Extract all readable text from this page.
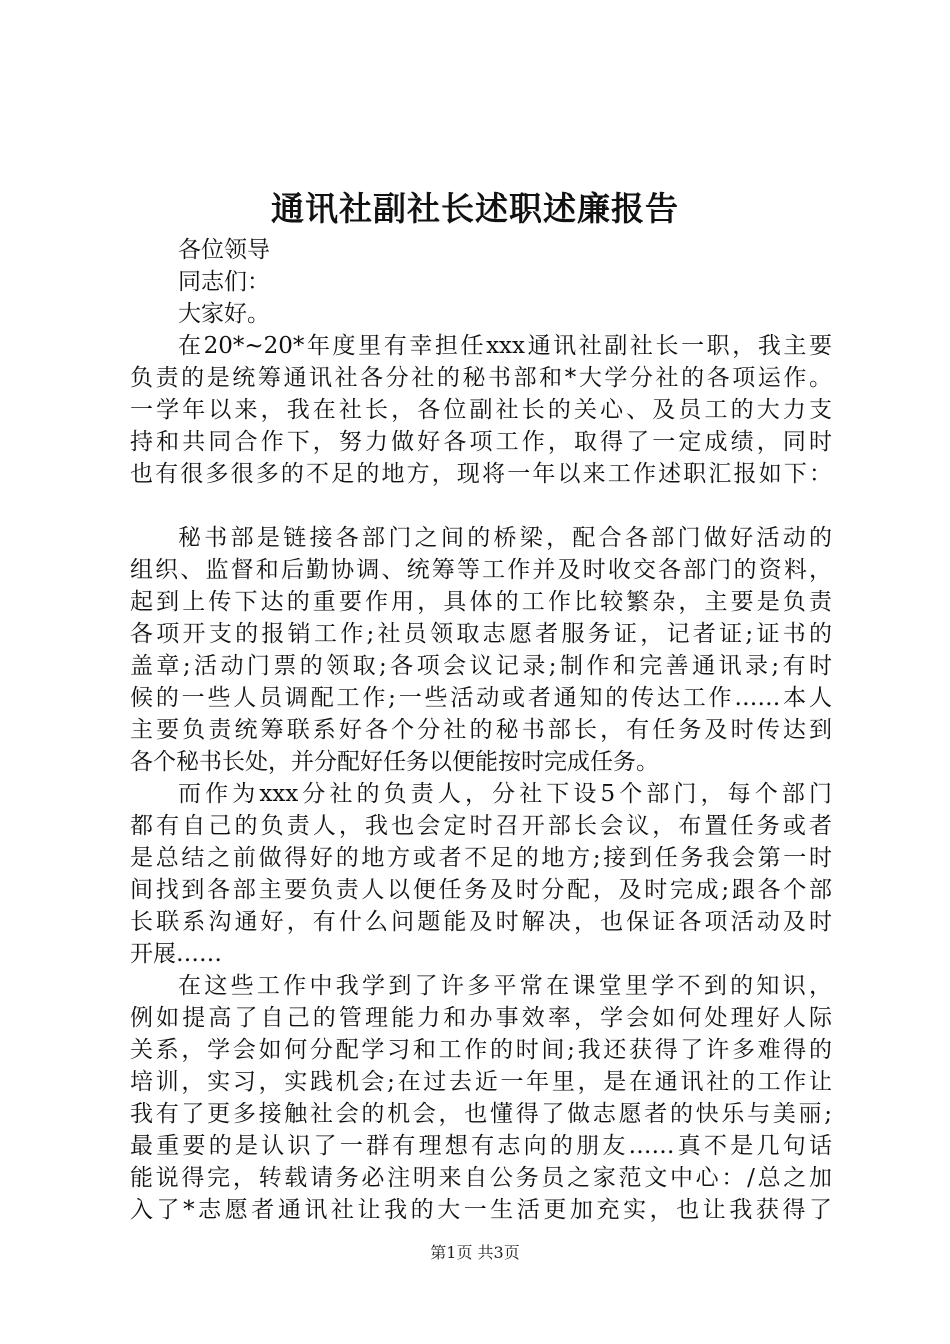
通讯社副社长述职述廉报告
各位领导
同志们：
大家好。
在20*~20*年度里有幸担任xxx通讯社副社长一职，我主要
负责的是统筹通讯社各分社的秘书部和*大学分社的各项运作。
一学年以来，我在社长，各位副社长的关心、及员工的大力支
持和共同合作下，努力做好各项工作，取得了一定成绩，同时
也有很多很多的不足的地方，现将一年以来工作述职汇报如下：
秘书部是链接各部门之间的桥梁，配合各部门做好活动的
组织、监督和后勤协调、统筹等工作并及时收交各部门的资料，
起到上传下达的重要作用，具体的工作比较繁杂，主要是负责
各项开支的报销工作;社员领取志愿者服务证，记者证;证书的
盖章;活动门票的领取;各项会议记录;制作和完善通讯录;有时
候的一些人员调配工作;一些活动或者通知的传达工作……本人
主要负责统筹联系好各个分社的秘书部长，有任务及时传达到
各个秘书长处，并分配好任务以便能按时完成任务。
而作为xxx分社的负责人，分社下设5个部门，每个部门
都有自己的负责人，我也会定时召开部长会议，布置任务或者
是总结之前做得好的地方或者不足的地方;接到任务我会第一时
间找到各部主要负责人以便任务及时分配，及时完成;跟各个部
长联系沟通好，有什么问题能及时解决，也保证各项活动及时
开展……
在这些工作中我学到了许多平常在课堂里学不到的知识，
例如提高了自己的管理能力和办事效率，学会如何处理好人际
关系，学会如何分配学习和工作的时间;我还获得了许多难得的
培训，实习，实践机会;在过去近一年里，是在通讯社的工作让
我有了更多接触社会的机会，也懂得了做志愿者的快乐与美丽;
最重要的是认识了一群有理想有志向的朋友……真不是几句话
能说得完，转载请务必注明来自公务员之家范文中心：/总之加
入了*志愿者通讯社让我的大一生活更加充实，也让我获得了
第1页 共3页
